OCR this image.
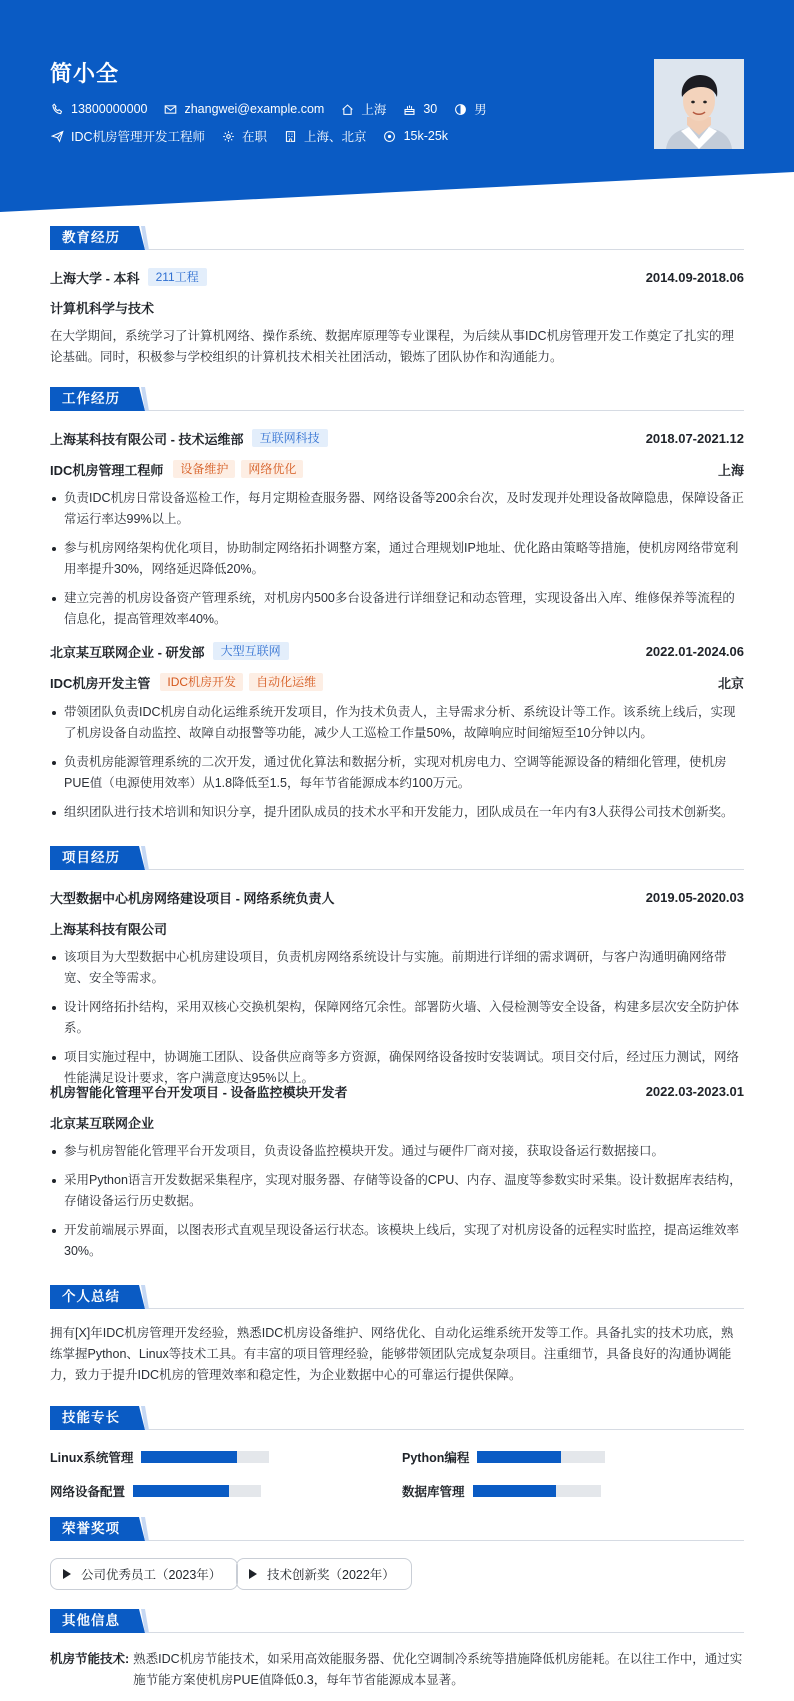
简小全
13800000000	zhangwei@example.com	上海	30	男
IDC机房管理开发工程师	在职	上海、北京	15k-25k
教育经历
上海大学 - 本科	211工程	2014.09-2018.06
计算机科学与技术
在大学期间，系统学习了计算机网络、操作系统、数据库原理等专业课程，为后续从事IDC机房管理开发工作奠定了扎实的理论基础。同时，积极参与学校组织的计算机技术相关社团活动，锻炼了团队协作和沟通能力。
工作经历
上海某科技有限公司 - 技术运维部	互联网科技	2018.07-2021.12
IDC机房管理工程师	设备维护	网络优化	上海
负责IDC机房日常设备巡检工作，每月定期检查服务器、网络设备等200余台次，及时发现并处理设备故障隐患，保障设备正常运行率达99%以上。
参与机房网络架构优化项目，协助制定网络拓扑调整方案，通过合理规划IP地址、优化路由策略等措施，使机房网络带宽利用率提升30%，网络延迟降低20%。
建立完善的机房设备资产管理系统，对机房内500多台设备进行详细登记和动态管理，实现设备出入库、维修保养等流程的信息化，提高管理效率40%。
北京某互联网企业 - 研发部	大型互联网	2022.01-2024.06
IDC机房开发主管	IDC机房开发	自动化运维	北京
带领团队负责IDC机房自动化运维系统开发项目，作为技术负责人，主导需求分析、系统设计等工作。该系统上线后，实现了机房设备自动监控、故障自动报警等功能，减少人工巡检工作量50%，故障响应时间缩短至10分钟以内。
负责机房能源管理系统的二次开发，通过优化算法和数据分析，实现对机房电力、空调等能源设备的精细化管理，使机房PUE值（电源使用效率）从1.8降低至1.5，每年节省能源成本约100万元。
组织团队进行技术培训和知识分享，提升团队成员的技术水平和开发能力，团队成员在一年内有3人获得公司技术创新奖。
项目经历
大型数据中心机房网络建设项目 - 网络系统负责人	2019.05-2020.03
上海某科技有限公司
该项目为大型数据中心机房建设项目，负责机房网络系统设计与实施。前期进行详细的需求调研，与客户沟通明确网络带宽、安全等需求。
设计网络拓扑结构，采用双核心交换机架构，保障网络冗余性。部署防火墙、入侵检测等安全设备，构建多层次安全防护体系。
项目实施过程中，协调施工团队、设备供应商等多方资源，确保网络设备按时安装调试。项目交付后，经过压力测试，网络性能满足设计要求，客户满意度达95%以上。
机房智能化管理平台开发项目 - 设备监控模块开发者	2022.03-2023.01
北京某互联网企业
参与机房智能化管理平台开发项目，负责设备监控模块开发。通过与硬件厂商对接，获取设备运行数据接口。
采用Python语言开发数据采集程序，实现对服务器、存储等设备的CPU、内存、温度等参数实时采集。设计数据库表结构，存储设备运行历史数据。
开发前端展示界面，以图表形式直观呈现设备运行状态。该模块上线后，实现了对机房设备的远程实时监控，提高运维效率30%。
个人总结
拥有[X]年IDC机房管理开发经验，熟悉IDC机房设备维护、网络优化、自动化运维系统开发等工作。具备扎实的技术功底，熟练掌握Python、Linux等技术工具。有丰富的项目管理经验，能够带领团队完成复杂项目。注重细节，具备良好的沟通协调能力，致力于提升IDC机房的管理效率和稳定性，为企业数据中心的可靠运行提供保障。
技能专长
Linux系统管理	Python编程
网络设备配置	数据库管理
荣誉奖项
公司优秀员工（2023年）	技术创新奖（2022年）
其他信息
机房节能技术: 熟悉IDC机房节能技术，如采用高效能服务器、优化空调制冷系统等措施降低机房能耗。在以往工作中，通过实施节能方案使机房PUE值降低0.3，每年节省能源成本显著。
